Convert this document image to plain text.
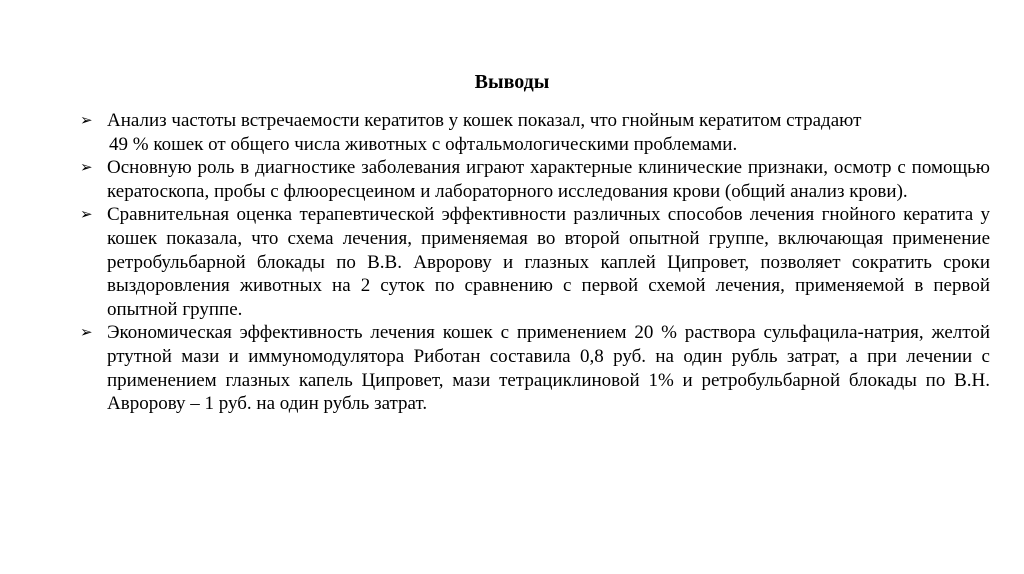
Выводы
➢ Анализ частоты встречаемости кератитов у кошек показал, что гнойным кератитом страдают
49 % кошек от общего числа животных с офтальмологическими проблемами.
➢ Основную роль в диагностике заболевания играют характерные клинические признаки, осмотр с помощью кератоскопа, пробы с флюоресцеином и лабораторного исследования крови (общий анализ крови).
➢ Сравнительная оценка терапевтической эффективности различных способов лечения гнойного кератита у кошек показала, что схема лечения, применяемая во второй опытной группе, включающая применение ретробульбарной блокады по В.В. Авророву и глазных каплей Ципровет, позволяет сократить сроки выздоровления животных на 2 суток по сравнению с первой схемой лечения, применяемой в первой опытной группе.
➢ Экономическая эффективность лечения кошек с применением 20 % раствора сульфацила-натрия, желтой ртутной мази и иммуномодулятора Риботан составила 0,8 руб. на один рубль затрат, а при лечении с применением глазных капель Ципровет, мази тетрациклиновой 1% и ретробульбарной блокады по В.Н. Авророву – 1 руб. на один рубль затрат.
